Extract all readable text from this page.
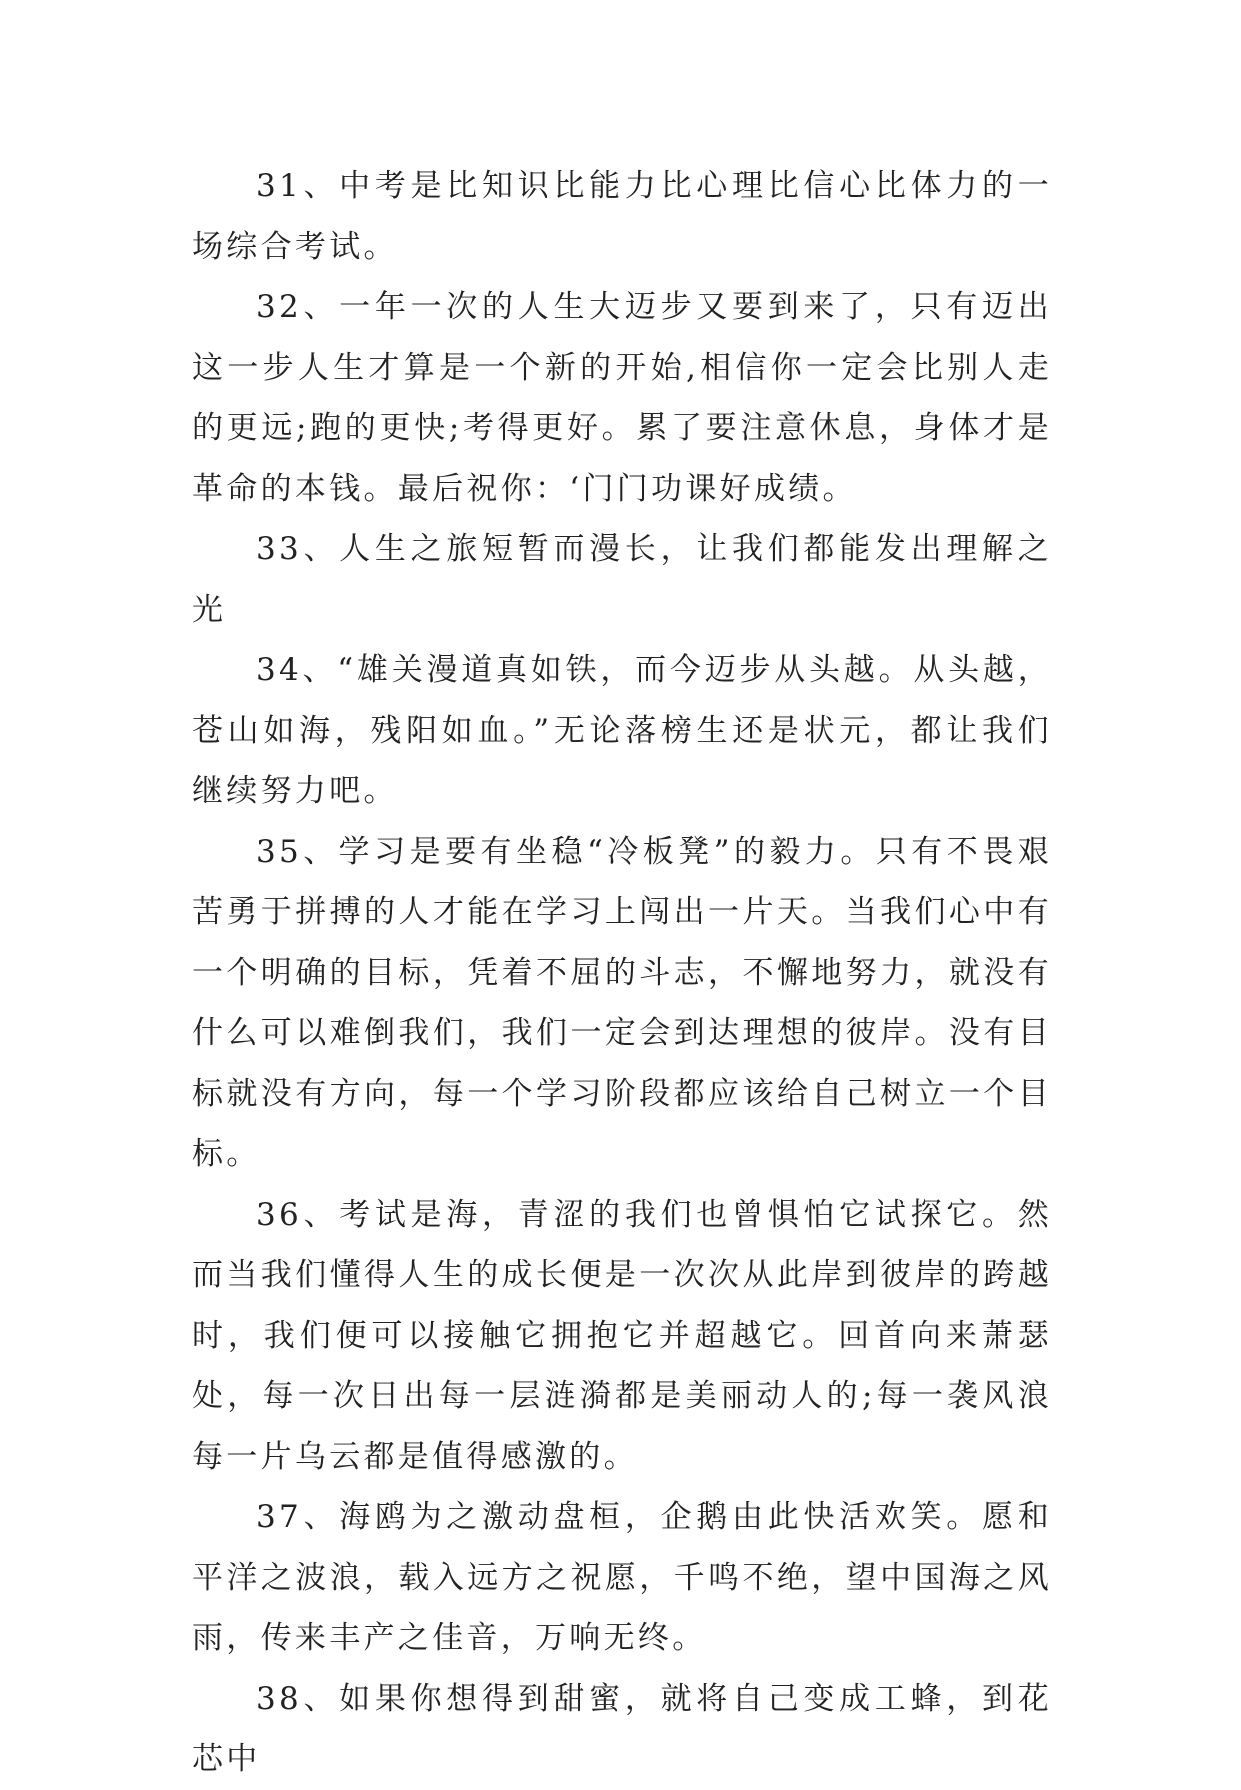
31、中考是比知识比能力比心理比信心比体力的一场综合考试。

32、一年一次的人生大迈步又要到来了，只有迈出这一步人生才算是一个新的开始,相信你一定会比别人走的更远;跑的更快;考得更好。累了要注意休息，身体才是革命的本钱。最后祝你：‘门门功课好成绩。

33、人生之旅短暂而漫长，让我们都能发出理解之光

34、“雄关漫道真如铁，而今迈步从头越。从头越，苍山如海，残阳如血。”无论落榜生还是状元，都让我们继续努力吧。

35、学习是要有坐稳“冷板凳”的毅力。只有不畏艰苦勇于拼搏的人才能在学习上闯出一片天。当我们心中有一个明确的目标，凭着不屈的斗志，不懈地努力，就没有什么可以难倒我们，我们一定会到达理想的彼岸。没有目标就没有方向，每一个学习阶段都应该给自己树立一个目标。

36、考试是海，青涩的我们也曾惧怕它试探它。然而当我们懂得人生的成长便是一次次从此岸到彼岸的跨越时，我们便可以接触它拥抱它并超越它。回首向来萧瑟处，每一次日出每一层涟漪都是美丽动人的;每一袭风浪每一片乌云都是值得感激的。

37、海鸥为之激动盘桓，企鹅由此快活欢笑。愿和平洋之波浪，载入远方之祝愿，千鸣不绝，望中国海之风雨，传来丰产之佳音，万响无终。

38、如果你想得到甜蜜，就将自己变成工蜂，到花芯中
